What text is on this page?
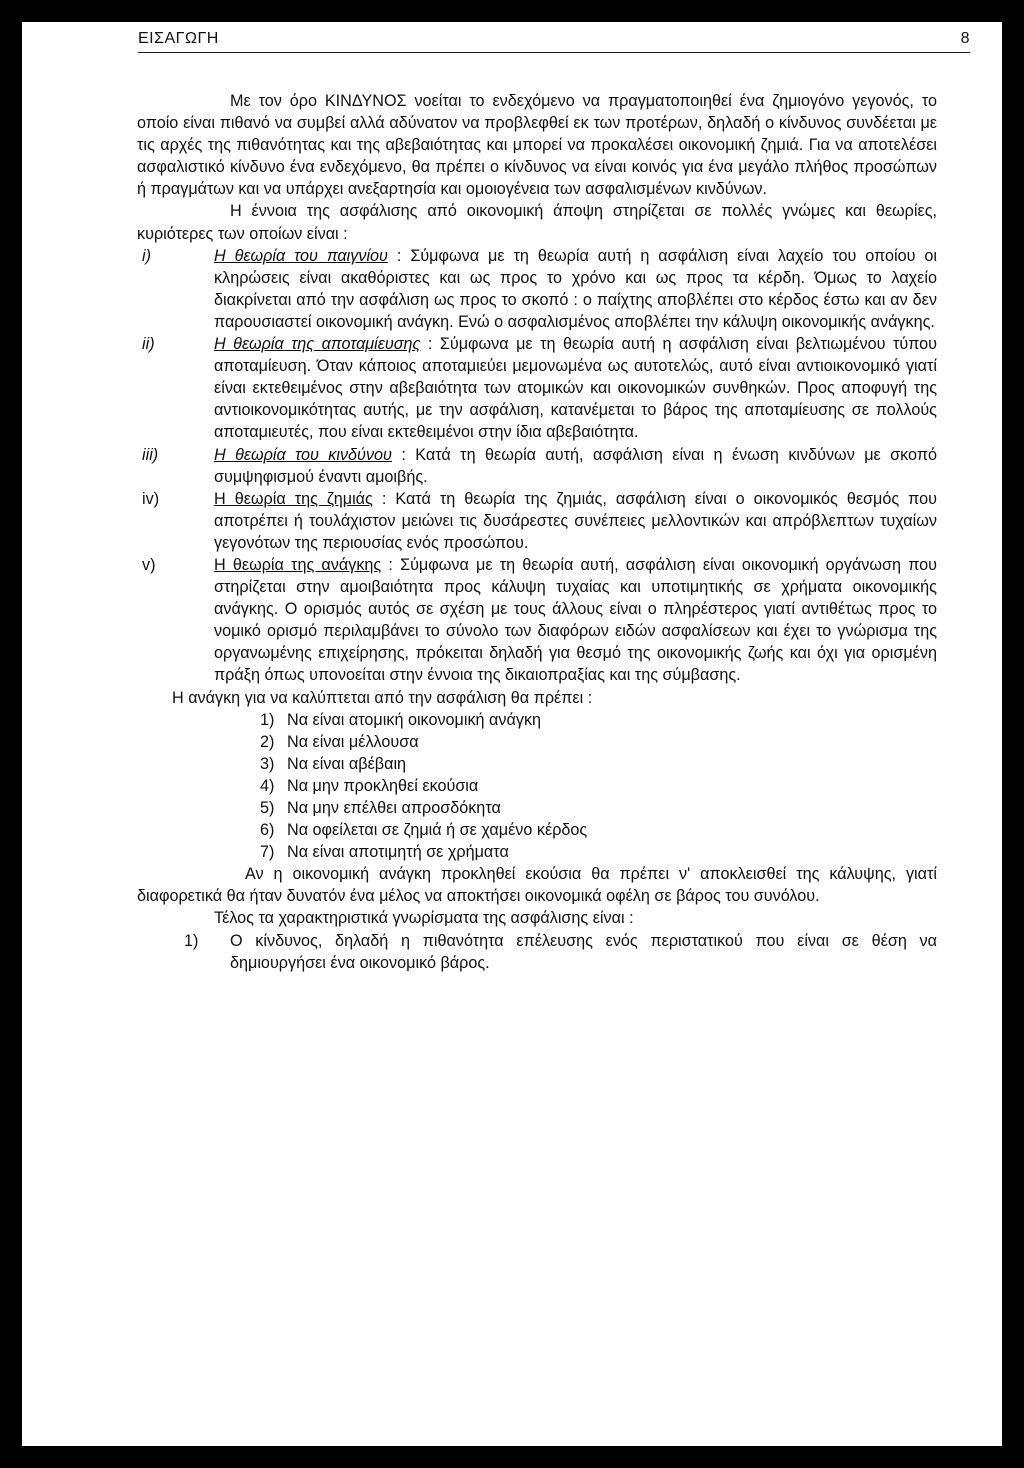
ΕΙΣΑΓΩΓΗ	8

Με τον όρο ΚΙΝΔΥΝΟΣ νοείται το ενδεχόμενο να πραγματοποιηθεί ένα ζημιογόνο γεγονός, το οποίο είναι πιθανό να συμβεί αλλά αδύνατον να προβλεφθεί εκ των προτέρων, δηλαδή ο κίνδυνος συνδέεται με τις αρχές της πιθανότητας και της αβεβαιότητας και μπορεί να προκαλέσει οικονομική ζημιά. Για να αποτελέσει ασφαλιστικό κίνδυνο ένα ενδεχόμενο, θα πρέπει ο κίνδυνος να είναι κοινός για ένα μεγάλο πλήθος προσώπων ή πραγμάτων και να υπάρχει ανεξαρτησία και ομοιογένεια των ασφαλισμένων κινδύνων.

Η έννοια της ασφάλισης από οικονομική άποψη στηρίζεται σε πολλές γνώμες και θεωρίες, κυριότερες των οποίων είναι :

i)	Η θεωρία του παιγνίου : Σύμφωνα με τη θεωρία αυτή η ασφάλιση είναι λαχείο του οποίου οι κληρώσεις είναι ακαθόριστες και ως προς το χρόνο και ως προς τα κέρδη. Όμως το λαχείο διακρίνεται από την ασφάλιση ως προς το σκοπό : ο παίχτης αποβλέπει στο κέρδος έστω και αν δεν παρουσιαστεί οικονομική ανάγκη. Ενώ ο ασφαλισμένος αποβλέπει την κάλυψη οικονομικής ανάγκης.
ii)	Η θεωρία της αποταμίευσης : Σύμφωνα με τη θεωρία αυτή η ασφάλιση είναι βελτιωμένου τύπου αποταμίευση. Όταν κάποιος αποταμιεύει μεμονωμένα ως αυτοτελώς, αυτό είναι αντιοικονομικό γιατί είναι εκτεθειμένος στην αβεβαιότητα των ατομικών και οικονομικών συνθηκών. Προς αποφυγή της αντιοικονομικότητας αυτής, με την ασφάλιση, κατανέμεται το βάρος της αποταμίευσης σε πολλούς αποταμιευτές, που είναι εκτεθειμένοι στην ίδια αβεβαιότητα.
iii)	Η θεωρία του κινδύνου : Κατά τη θεωρία αυτή, ασφάλιση είναι η ένωση κινδύνων με σκοπό συμψηφισμού έναντι αμοιβής.
iv)	Η θεωρία της ζημιάς : Κατά τη θεωρία της ζημιάς, ασφάλιση είναι ο οικονομικός θεσμός που αποτρέπει ή τουλάχιστον μειώνει τις δυσάρεστες συνέπειες μελλοντικών και απρόβλεπτων τυχαίων γεγονότων της περιουσίας ενός προσώπου.
v)	Η θεωρία της ανάγκης : Σύμφωνα με τη θεωρία αυτή, ασφάλιση είναι οικονομική οργάνωση που στηρίζεται στην αμοιβαιότητα προς κάλυψη τυχαίας και υποτιμητικής σε χρήματα οικονομικής ανάγκης. Ο ορισμός αυτός σε σχέση με τους άλλους είναι ο πληρέστερος γιατί αντιθέτως προς το νομικό ορισμό περιλαμβάνει το σύνολο των διαφόρων ειδών ασφαλίσεων και έχει το γνώρισμα της οργανωμένης επιχείρησης, πρόκειται δηλαδή για θεσμό της οικονομικής ζωής και όχι για ορισμένη πράξη όπως υπονοείται στην έννοια της δικαιοπραξίας και της σύμβασης.

Η ανάγκη για να καλύπτεται από την ασφάλιση θα πρέπει :

1) Να είναι ατομική οικονομική ανάγκη
2) Να είναι μέλλουσα
3) Να είναι αβέβαιη
4) Να μην προκληθεί εκούσια
5) Να μην επέλθει απροσδόκητα
6) Να οφείλεται σε ζημιά ή σε χαμένο κέρδος
7) Να είναι αποτιμητή σε χρήματα

Αν η οικονομική ανάγκη προκληθεί εκούσια θα πρέπει ν' αποκλεισθεί της κάλυψης, γιατί διαφορετικά θα ήταν δυνατόν ένα μέλος να αποκτήσει οικονομικά οφέλη σε βάρος του συνόλου.

Τέλος τα χαρακτηριστικά γνωρίσματα της ασφάλισης είναι :

1) Ο κίνδυνος, δηλαδή η πιθανότητα επέλευσης ενός περιστατικού που είναι σε θέση να δημιουργήσει ένα οικονομικό βάρος.
